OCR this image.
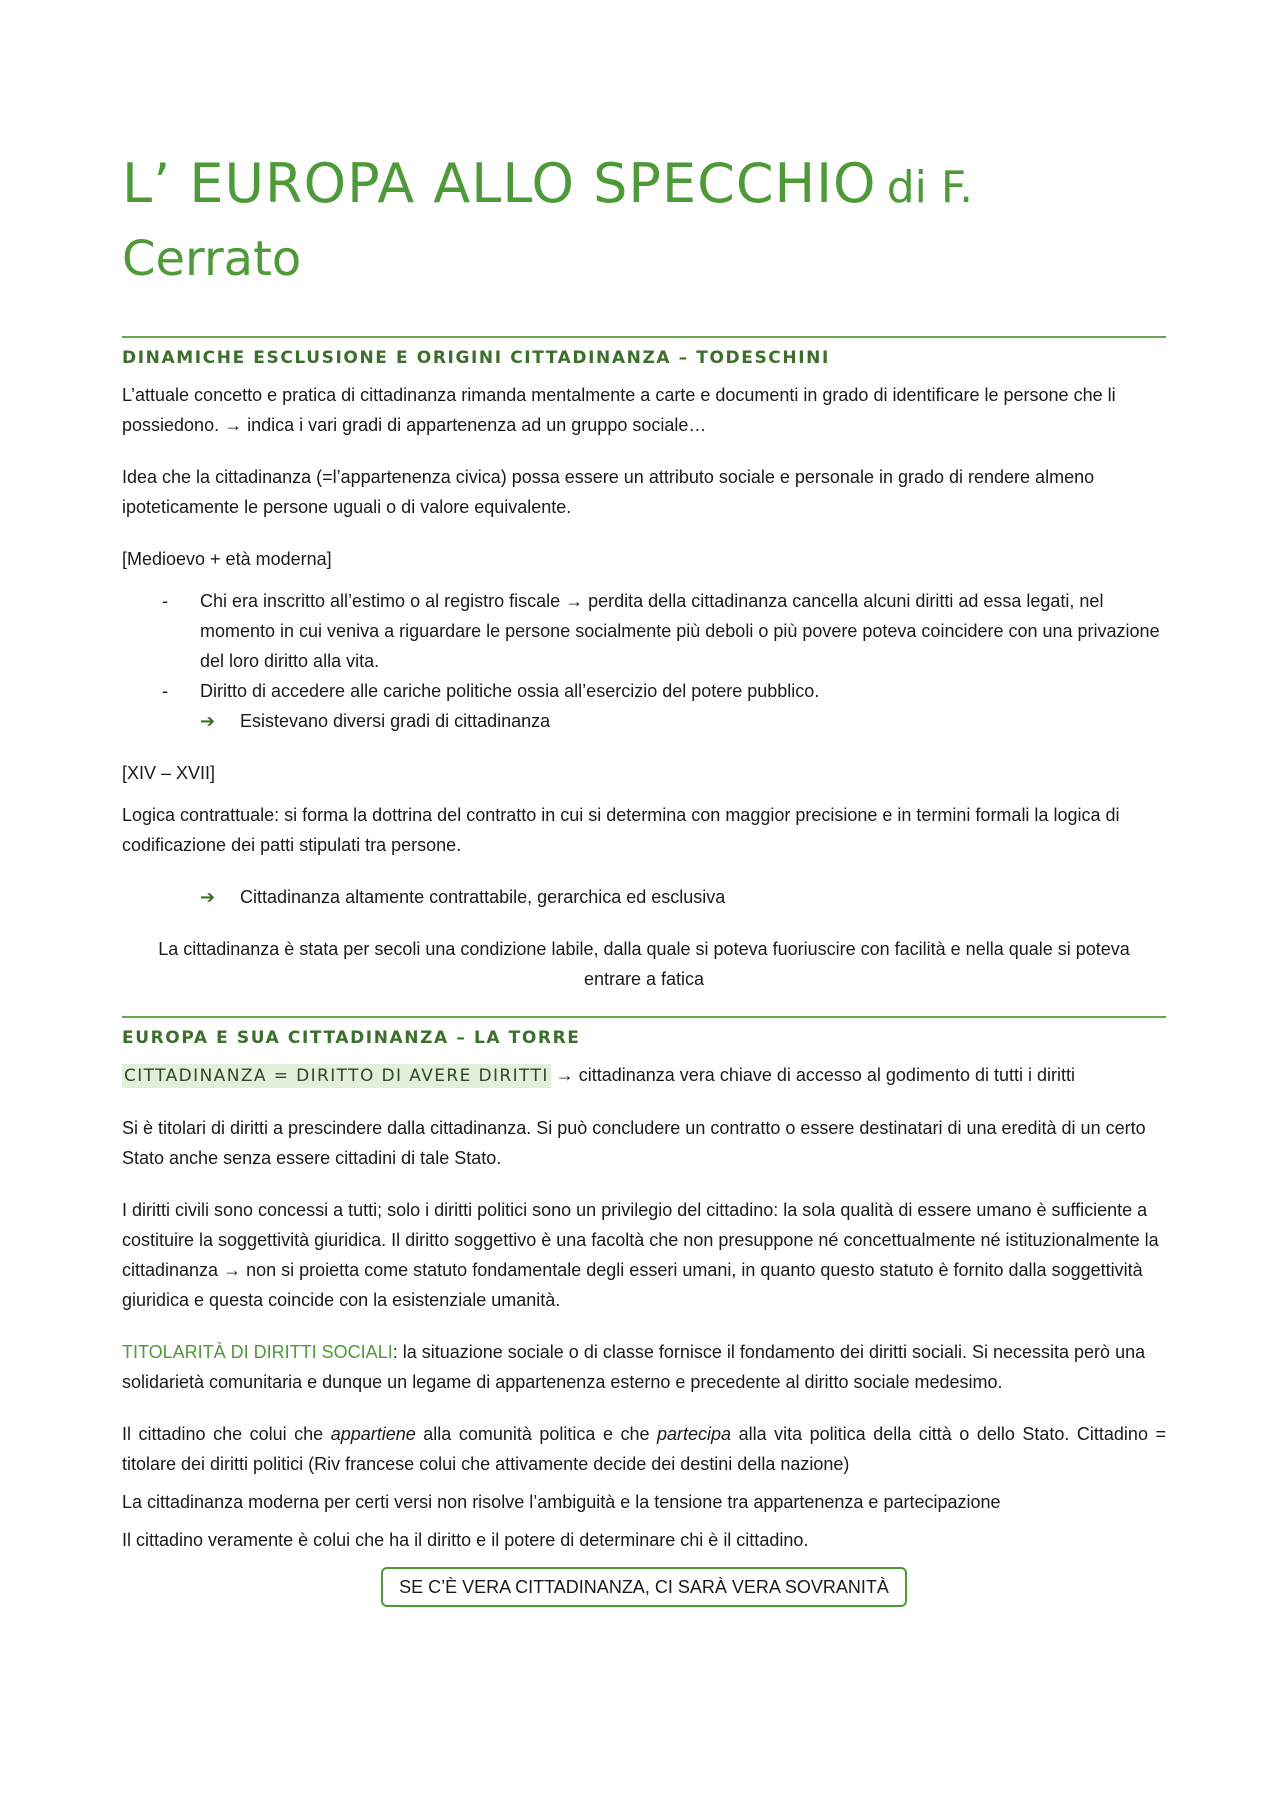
L’ EUROPA ALLO SPECCHIO di F.
Cerrato
DINAMICHE ESCLUSIONE E ORIGINI CITTADINANZA – TODESCHINI

L’attuale concetto e pratica di cittadinanza rimanda mentalmente a carte e documenti in grado di identificare le persone che li possiedono. → indica i vari gradi di appartenenza ad un gruppo sociale…

Idea che la cittadinanza (=l’appartenenza civica) possa essere un attributo sociale e personale in grado di rendere almeno ipoteticamente le persone uguali o di valore equivalente.

[Medioevo + età moderna]

- Chi era inscritto all’estimo o al registro fiscale → perdita della cittadinanza cancella alcuni diritti ad essa legati, nel momento in cui veniva a riguardare le persone socialmente più deboli o più povere poteva coincidere con una privazione del loro diritto alla vita.
- Diritto di accedere alle cariche politiche ossia all’esercizio del potere pubblico.
➔ Esistevano diversi gradi di cittadinanza

[XIV – XVII]

Logica contrattuale: si forma la dottrina del contratto in cui si determina con maggior precisione e in termini formali la logica di codificazione dei patti stipulati tra persone.

➔ Cittadinanza altamente contrattabile, gerarchica ed esclusiva

La cittadinanza è stata per secoli una condizione labile, dalla quale si poteva fuoriuscire con facilità e nella quale si poteva entrare a fatica

EUROPA E SUA CITTADINANZA – LA TORRE

CITTADINANZA = DIRITTO DI AVERE DIRITTI → cittadinanza vera chiave di accesso al godimento di tutti i diritti

Si è titolari di diritti a prescindere dalla cittadinanza. Si può concludere un contratto o essere destinatari di una eredità di un certo Stato anche senza essere cittadini di tale Stato.

I diritti civili sono concessi a tutti; solo i diritti politici sono un privilegio del cittadino: la sola qualità di essere umano è sufficiente a costituire la soggettività giuridica. Il diritto soggettivo è una facoltà che non presuppone né concettualmente né istituzionalmente la cittadinanza → non si proietta come statuto fondamentale degli esseri umani, in quanto questo statuto è fornito dalla soggettività giuridica e questa coincide con la esistenziale umanità.

TITOLARITÀ DI DIRITTI SOCIALI: la situazione sociale o di classe fornisce il fondamento dei diritti sociali. Si necessita però una solidarietà comunitaria e dunque un legame di appartenenza esterno e precedente al diritto sociale medesimo.

Il cittadino che colui che appartiene alla comunità politica e che partecipa alla vita politica della città o dello Stato. Cittadino = titolare dei diritti politici (Riv francese colui che attivamente decide dei destini della nazione)

La cittadinanza moderna per certi versi non risolve l’ambiguità e la tensione tra appartenenza e partecipazione

Il cittadino veramente è colui che ha il diritto e il potere di determinare chi è il cittadino.

SE C’È VERA CITTADINANZA, CI SARÀ VERA SOVRANITÀ
